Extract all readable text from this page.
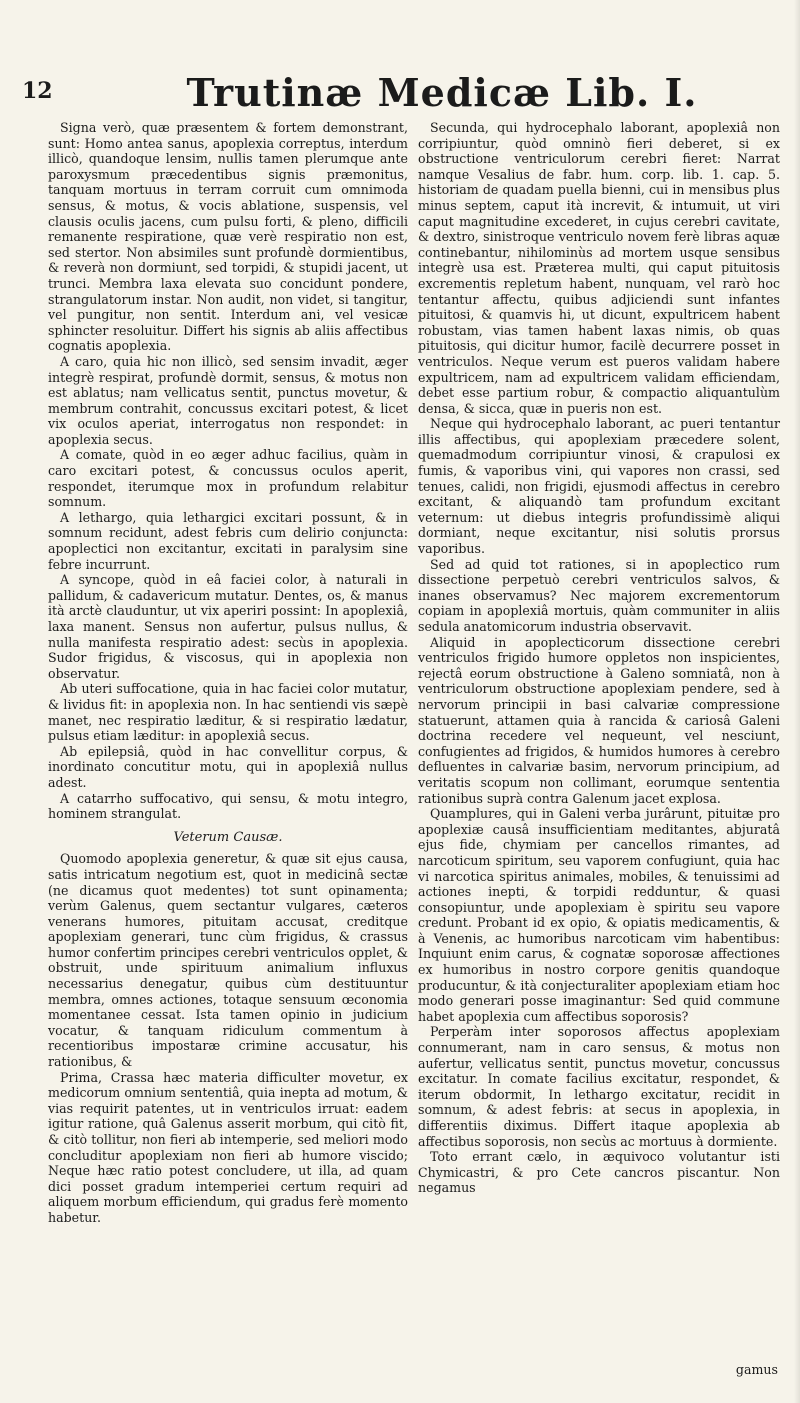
12	Trutinæ Medicæ Lib. I.

Signa verò, quæ præsentem & fortem demonstrant, sunt: Homo antea sanus, apoplexia correptus, interdum illicò, quandoque lensim, nullis tamen plerumque ante paroxysmum præcedentibus signis præmonitus, tanquam mortuus in terram corruit cum omnimoda sensus, & motus, & vocis ablatione, suspensis, vel clausis oculis jacens, cum pulsu forti, & pleno, difficili remanente respiratione, quæ verè respiratio non est, sed stertor. Non absimiles sunt profundè dormientibus, & reverà non dormiunt, sed torpidi, & stupidi jacent, ut trunci. Membra laxa elevata suo concidunt pondere, strangulatorum instar. Non audit, non videt, si tangitur, vel pungitur, non sentit. Interdum ani, vel vesicæ sphincter resoluitur. Differt his signis ab aliis affectibus cognatis apoplexia.

A caro, quia hic non illicò, sed sensim invadit, æger integrè respirat, profundè dormit, sensus, & motus non est ablatus; nam vellicatus sentit, punctus movetur, & membrum contrahit, concussus excitari potest, & licet vix oculos aperiat, interrogatus non respondet: in apoplexia secus.

A comate, quòd in eo æger adhuc facilius, quàm in caro excitari potest, & concussus oculos aperit, respondet, iterumque mox in profundum relabitur somnum.

A lethargo, quia lethargici excitari possunt, & in somnum recidunt, adest febris cum delirio conjuncta: apoplectici non excitantur, excitati in paralysim sine febre incurrunt.

A syncope, quòd in eâ faciei color, à naturali in pallidum, & cadavericum mutatur. Dentes, os, & manus ità arctè clauduntur, ut vix aperiri possint: In apoplexiâ, laxa manent. Sensus non aufertur, pulsus nullus, & nulla manifesta respiratio adest: secùs in apoplexia. Sudor frigidus, & viscosus, qui in apoplexia non observatur.

Ab uteri suffocatione, quia in hac faciei color mutatur, & lividus fit: in apoplexia non. In hac sentiendi vis sæpè manet, nec respiratio læditur, & si respiratio lædatur, pulsus etiam læditur: in apoplexiâ secus.

Ab epilepsiâ, quòd in hac convellitur corpus, & inordinato concutitur motu, qui in apoplexiâ nullus adest.

A catarrho suffocativo, qui sensu, & motu integro, hominem strangulat.

Veterum Causæ.

Quomodo apoplexia generetur, & quæ sit ejus causa, satis intricatum negotium est, quot in medicinâ sectæ (ne dicamus quot medentes) tot sunt opinamenta; verùm Galenus, quem sectantur vulgares, cæteros venerans humores, pituitam accusat, creditque apoplexiam generari, tunc cùm frigidus, & crassus humor confertim principes cerebri ventriculos opplet, & obstruit, unde spirituum animalium influxus necessarius denegatur, quibus cùm destituuntur membra, omnes actiones, totaque sensuum œconomia momentanee cessat. Ista tamen opinio in judicium vocatur, & tanquam ridiculum commentum à recentioribus impostaræ crimine accusatur, his rationibus, &

Prima, Crassa hæc materia difficulter movetur, ex medicorum omnium sententiâ, quia inepta ad motum, & vias requirit patentes, ut in ventriculos irruat: eadem igitur ratione, quâ Galenus asserit morbum, qui citò fit, & citò tollitur, non fieri ab intemperie, sed meliori modo concluditur apoplexiam non fieri ab humore viscido; Neque hæc ratio potest concludere, ut illa, ad quam dici posset gradum intemperiei certum requiri ad aliquem morbum efficiendum, qui gradus ferè momento habetur.

Secunda, qui hydrocephalo laborant, apoplexiâ non corripiuntur, quòd omninò fieri deberet, si ex obstructione ventriculorum cerebri fieret: Narrat namque Vesalius de fabr. hum. corp. lib. 1. cap. 5. historiam de quadam puella bienni, cui in mensibus plus minus septem, caput ità increvit, & intumuit, ut viri caput magnitudine excederet, in cujus cerebri cavitate, & dextro, sinistroque ventriculo novem ferè libras aquæ continebantur, nihilominùs ad mortem usque sensibus integrè usa est. Præterea multi, qui caput pituitosis excrementis repletum habent, nunquam, vel rarò hoc tentantur affectu, quibus adjiciendi sunt infantes pituitosi, & quamvis hi, ut dicunt, expultricem habent robustam, vias tamen habent laxas nimis, ob quas pituitosis, qui dicitur humor, facilè decurrere posset in ventriculos. Neque verum est pueros validam habere expultricem, nam ad expultricem validam efficiendam, debet esse partium robur, & compactio aliquantulùm densa, & sicca, quæ in pueris non est.

Neque qui hydrocephalo laborant, ac pueri tentantur illis affectibus, qui apoplexiam præcedere solent, quemadmodum corripiuntur vinosi, & crapulosi ex fumis, & vaporibus vini, qui vapores non crassi, sed tenues, calidi, non frigidi, ejusmodi affectus in cerebro excitant, & aliquandò tam profundum excitant veternum: ut diebus integris profundissimè aliqui dormiant, neque excitantur, nisi solutis prorsus vaporibus.

Sed ad quid tot rationes, si in apoplectico rum dissectione perpetuò cerebri ventriculos salvos, & inanes observamus? Nec majorem excrementorum copiam in apoplexiâ mortuis, quàm communiter in aliis sedula anatomicorum industria observavit.

Aliquid in apoplecticorum dissectione cerebri ventriculos frigido humore oppletos non inspicientes, rejectâ eorum obstructione à Galeno somniatâ, non à ventriculorum obstructione apoplexiam pendere, sed à nervorum principii in basi calvariæ compressione statuerunt, attamen quia à rancida & cariosâ Galeni doctrina recedere vel nequeunt, vel nesciunt, confugientes ad frigidos, & humidos humores à cerebro defluentes in calvariæ basim, nervorum principium, ad veritatis scopum non collimant, eorumque sententia rationibus suprà contra Galenum jacet explosa.

Quamplures, qui in Galeni verba jurârunt, pituitæ pro apoplexiæ causâ insufficientiam meditantes, abjuratâ ejus fide, chymiam per cancellos rimantes, ad narcoticum spiritum, seu vaporem confugiunt, quia hac vi narcotica spiritus animales, mobiles, & tenuissimi ad actiones inepti, & torpidi redduntur, & quasi consopiuntur, unde apoplexiam è spiritu seu vapore credunt. Probant id ex opio, & opiatis medicamentis, & à Venenis, ac humoribus narcoticam vim habentibus: Inquiunt enim carus, & cognatæ soporosæ affectiones ex humoribus in nostro corpore genitis quandoque producuntur, & ità conjecturaliter apoplexiam etiam hoc modo generari posse imaginantur: Sed quid commune habet apoplexia cum affectibus soporosis?

Perperàm inter soporosos affectus apoplexiam connumerant, nam in caro sensus, & motus non aufertur, vellicatus sentit, punctus movetur, concussus excitatur. In comate facilius excitatur, respondet, & iterum obdormit, In lethargo excitatur, recidit in somnum, & adest febris: at secus in apoplexia, in differentiis diximus. Differt itaque apoplexia ab affectibus soporosis, non secùs ac mortuus à dormiente.

Toto errant cælo, in æquivoco volutantur isti Chymicastri, & pro Cete cancros piscantur. Non negamus

gamus
